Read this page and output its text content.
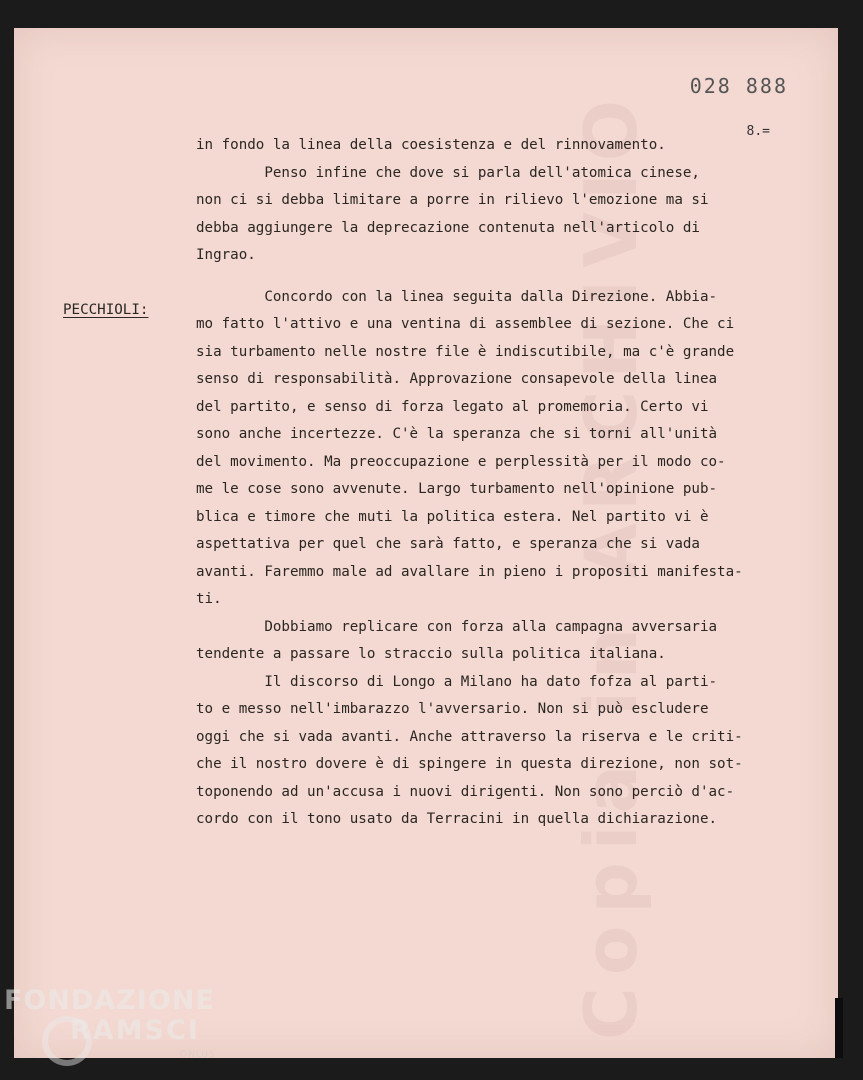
Copia in ARCHIVIO
028 888
8.=
PECCHIOLI:
in fondo la linea della coesistenza e del rinnovamento.
Penso infine che dove si parla dell'atomica cinese,
non ci si debba limitare a porre in rilievo l'emozione ma si
debba aggiungere la deprecazione contenuta nell'articolo di
Ingrao.
Concordo con la linea seguita dalla Direzione. Abbia-
mo fatto l'attivo e una ventina di assemblee di sezione. Che ci
sia turbamento nelle nostre file è indiscutibile, ma c'è grande
senso di responsabilità. Approvazione consapevole della linea
del partito, e senso di forza legato al promemoria. Certo vi
sono anche incertezze. C'è la speranza che si torni all'unità
del movimento. Ma preoccupazione e perplessità per il modo co-
me le cose sono avvenute. Largo turbamento nell'opinione pub-
blica e timore che muti la politica estera. Nel partito vi è
aspettativa per quel che sarà fatto, e speranza che si vada
avanti. Faremmo male ad avallare in pieno i propositi manifesta-
ti.
Dobbiamo replicare con forza alla campagna avversaria
tendente a passare lo straccio sulla politica italiana.
Il discorso di Longo a Milano ha dato fofza al parti-
to e messo nell'imbarazzo l'avversario. Non si può escludere
oggi che si vada avanti. Anche attraverso la riserva e le criti-
che il nostro dovere è di spingere in questa direzione, non sot-
toponendo ad un'accusa i nuovi dirigenti. Non sono perciò d'ac-
cordo con il tono usato da Terracini in quella dichiarazione.
FONDAZIONE
RAMSCI
ONLUS
